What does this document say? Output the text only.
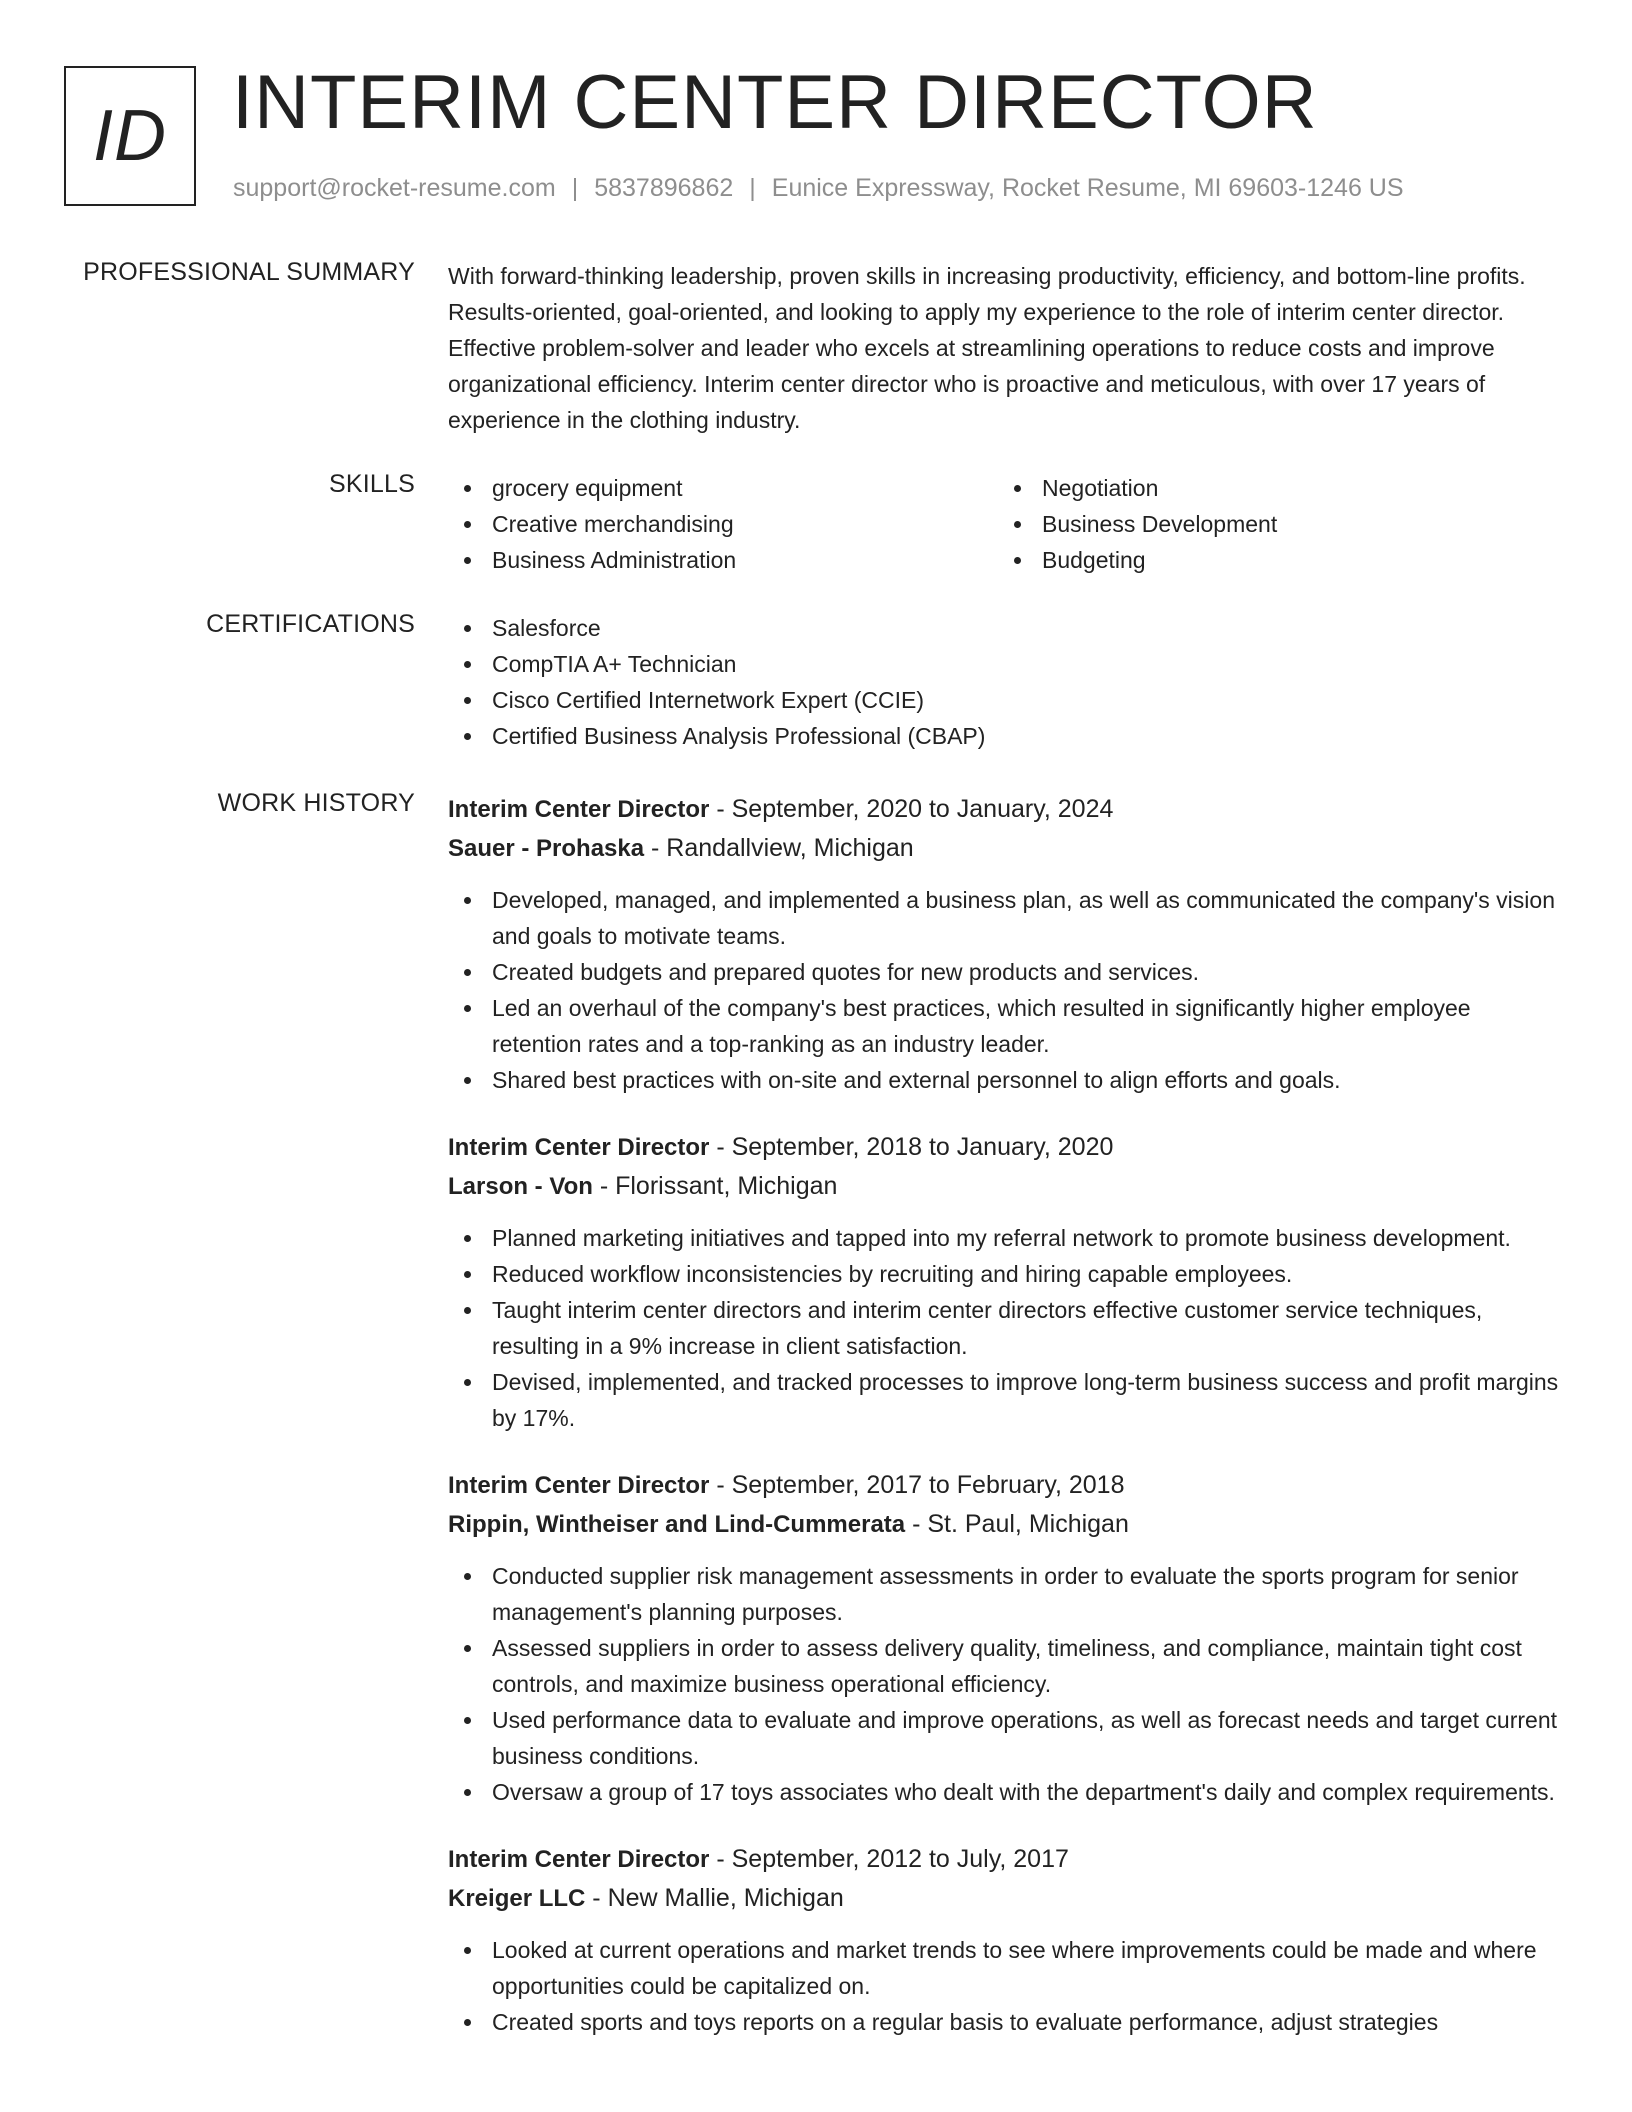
ID INTERIM CENTER DIRECTOR
support@rocket-resume.com | 5837896862 | Eunice Expressway, Rocket Resume, MI 69603-1246 US
PROFESSIONAL SUMMARY With forward-thinking leadership, proven skills in increasing productivity, efficiency, and bottom-line profits. Results-oriented, goal-oriented, and looking to apply my experience to the role of interim center director. Effective problem-solver and leader who excels at streamlining operations to reduce costs and improve organizational efficiency. Interim center director who is proactive and meticulous, with over 17 years of experience in the clothing industry.

SKILLS	grocery equipment	Negotiation
Creative merchandising	Business Development
Business Administration	Budgeting
CERTIFICATIONS	Salesforce
CompTIA A+ Technician
Cisco Certified Internetwork Expert (CCIE)
Certified Business Analysis Professional (CBAP)
WORK HISTORY Interim Center Director - September, 2020 to January, 2024
Sauer - Prohaska - Randallview, Michigan
Developed, managed, and implemented a business plan, as well as communicated the company's vision and goals to motivate teams.
Created budgets and prepared quotes for new products and services.
Led an overhaul of the company's best practices, which resulted in significantly higher employee retention rates and a top-ranking as an industry leader.
Shared best practices with on-site and external personnel to align efforts and goals.
Interim Center Director - September, 2018 to January, 2020
Larson - Von - Florissant, Michigan
Planned marketing initiatives and tapped into my referral network to promote business development.
Reduced workflow inconsistencies by recruiting and hiring capable employees.
Taught interim center directors and interim center directors effective customer service techniques, resulting in a 9% increase in client satisfaction.
Devised, implemented, and tracked processes to improve long-term business success and profit margins by 17%.
Interim Center Director - September, 2017 to February, 2018
Rippin, Wintheiser and Lind-Cummerata - St. Paul, Michigan
Conducted supplier risk management assessments in order to evaluate the sports program for senior management's planning purposes.
Assessed suppliers in order to assess delivery quality, timeliness, and compliance, maintain tight cost controls, and maximize business operational efficiency.
Used performance data to evaluate and improve operations, as well as forecast needs and target current business conditions.
Oversaw a group of 17 toys associates who dealt with the department's daily and complex requirements.
Interim Center Director - September, 2012 to July, 2017
Kreiger LLC - New Mallie, Michigan
Looked at current operations and market trends to see where improvements could be made and where opportunities could be capitalized on.
Created sports and toys reports on a regular basis to evaluate performance, adjust strategies
